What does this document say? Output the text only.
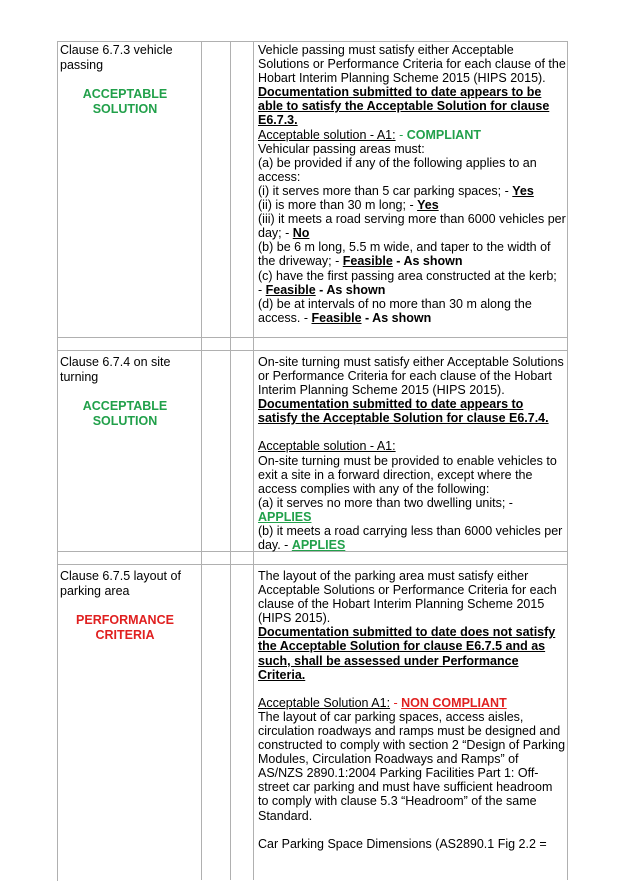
Clause 6.7.3 vehicle passing
ACCEPTABLE SOLUTION
Vehicle passing must satisfy either Acceptable Solutions or Performance Criteria for each clause of the Hobart Interim Planning Scheme 2015 (HIPS 2015).
Documentation submitted to date appears to be able to satisfy the Acceptable Solution for clause E6.7.3.
Acceptable solution - A1: - COMPLIANT
Vehicular passing areas must:
(a) be provided if any of the following applies to an access:
(i) it serves more than 5 car parking spaces; - Yes
(ii) is more than 30 m long; - Yes
(iii) it meets a road serving more than 6000 vehicles per day; - No
(b) be 6 m long, 5.5 m wide, and taper to the width of the driveway; - Feasible - As shown
(c) have the first passing area constructed at the kerb;
- Feasible - As shown
(d) be at intervals of no more than 30 m along the access. - Feasible - As shown
Clause 6.7.4 on site turning
ACCEPTABLE SOLUTION
On-site turning must satisfy either Acceptable Solutions or Performance Criteria for each clause of the Hobart Interim Planning Scheme 2015 (HIPS 2015).
Documentation submitted to date appears to satisfy the Acceptable Solution for clause E6.7.4.
Acceptable solution - A1:
On-site turning must be provided to enable vehicles to exit a site in a forward direction, except where the access complies with any of the following:
(a) it serves no more than two dwelling units; - APPLIES
(b) it meets a road carrying less than 6000 vehicles per day. - APPLIES
Clause 6.7.5 layout of parking area
PERFORMANCE CRITERIA
The layout of the parking area must satisfy either Acceptable Solutions or Performance Criteria for each clause of the Hobart Interim Planning Scheme 2015 (HIPS 2015).
Documentation submitted to date does not satisfy the Acceptable Solution for clause E6.7.5 and as such, shall be assessed under Performance Criteria.
Acceptable Solution A1: - NON COMPLIANT
The layout of car parking spaces, access aisles, circulation roadways and ramps must be designed and constructed to comply with section 2 “Design of Parking Modules, Circulation Roadways and Ramps” of AS/NZS 2890.1:2004 Parking Facilities Part 1: Off-street car parking and must have sufficient headroom to comply with clause 5.3 “Headroom” of the same Standard.
Car Parking Space Dimensions (AS2890.1 Fig 2.2 =
